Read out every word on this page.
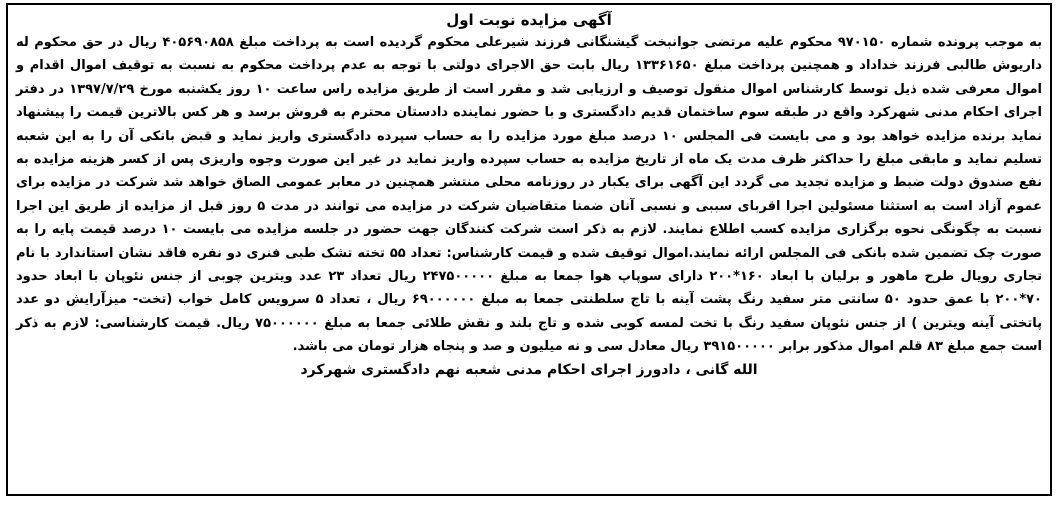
آگهی مزایده نوبت اول
به موجب پرونده شماره ۹۷۰۱۵۰ محکوم علیه مرتضی جوانبخت گیشنگانی فرزند شیرعلی محکوم گردیده است به پرداخت مبلغ ۴۰۵۶۹۰۸۵۸ ریال در حق محکوم له داریوش طالبی فرزند خداداد و همچنین پرداخت مبلغ ۱۳۳۶۱۶۵۰ ریال بابت حق الاجرای دولتی با توجه به عدم پرداخت محکوم به نسبت به توقیف اموال اقدام و اموال معرفی شده ذیل توسط کارشناس اموال منقول توصیف و ارزیابی شد و مقرر است از طریق مزایده راس ساعت ۱۰ روز یکشنبه مورخ ۱۳۹۷/۷/۲۹ در دفتر اجرای احکام مدنی شهرکرد واقع در طبقه سوم ساختمان قدیم دادگستری و با حضور نماینده دادستان محترم به فروش برسد و هر کس بالاترین قیمت را پیشنهاد نماید برنده مزایده خواهد بود و می بایست فی المجلس ۱۰ درصد مبلغ مورد مزایده را به حساب سپرده دادگستری واریز نماید و قبض بانکی آن را به این شعبه تسلیم نماید و مابقی مبلغ را حداکثر ظرف مدت یک ماه از تاریخ مزایده به حساب سپرده واریز نماید در غیر این صورت وجوه واریزی پس از کسر هزینه مزایده به نفع صندوق دولت ضبط و مزایده تجدید می گردد این آگهی برای یکبار در روزنامه محلی منتشر همچنین در معابر عمومی الصاق خواهد شد شرکت در مزایده برای عموم آزاد است به استثنا مسئولین اجرا اقربای سببی و نسبی آنان ضمنا متقاضیان شرکت در مزایده می توانند در مدت ۵ روز قبل از مزایده از طریق این اجرا نسبت به چگونگی نحوه برگزاری مزایده کسب اطلاع نمایند. لازم به ذکر است شرکت کنندگان جهت حضور در جلسه مزایده می بایست ۱۰ درصد قیمت پایه را به صورت چک تضمین شده بانکی فی المجلس ارائه نمایند.اموال توقیف شده و قیمت کارشناس: تعداد ۵۵ تخته تشک طبی فنری دو نفره فاقد نشان استاندارد با نام تجاری رویال طرح ماهور و برلیان با ابعاد ۱۶۰*۲۰۰ دارای سوپاپ هوا جمعا به مبلغ ۲۴۷۵۰۰۰۰۰ ریال تعداد ۲۳ عدد ویترین چوبی از جنس نئوپان با ابعاد حدود ۷۰*۲۰۰ با عمق حدود ۵۰ سانتی متر سفید رنگ پشت آینه با تاج سلطنتی جمعا به مبلغ ۶۹۰۰۰۰۰۰ ریال ، تعداد ۵ سرویس کامل خواب (تخت- میزآرایش دو عدد پاتختی آینه ویترین ) از جنس نئوپان سفید رنگ با تخت لمسه کوبی شده و تاج بلند و نقش طلائی جمعا به مبلغ ۷۵۰۰۰۰۰۰ ریال. قیمت کارشناسی: لازم به ذکر است جمع مبلغ ۸۳ قلم اموال مذکور برابر ۳۹۱۵۰۰۰۰۰ ریال معادل سی و نه میلیون و صد و پنجاه هزار تومان می باشد.
الله گانی ، دادورز اجرای احکام مدنی شعبه نهم دادگستری شهرکرد
